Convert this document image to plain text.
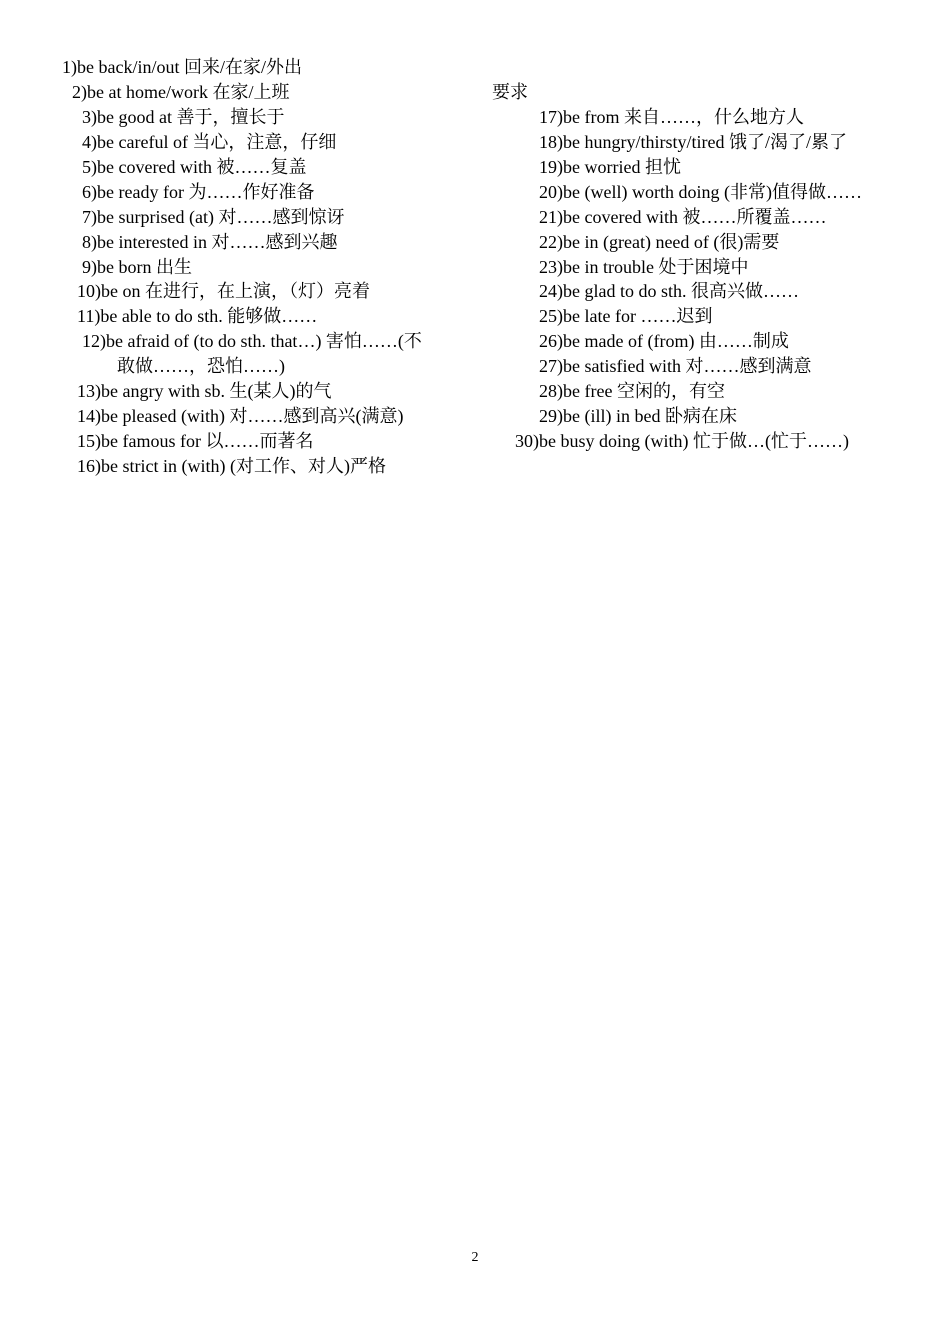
1)be back/in/out 回来/在家/外出
2)be at home/work 在家/上班
3)be good at 善于，擅长于
4)be careful of 当心，注意，仔细
5)be covered with 被……复盖
6)be ready for 为……作好准备
7)be surprised (at) 对……感到惊讶
8)be interested in 对……感到兴趣
9)be born 出生
10)be on 在进行，在上演，（灯）亮着
11)be able to do sth. 能够做……
12)be afraid of (to do sth. that…) 害怕……(不
敢做……，恐怕……)
13)be angry with sb. 生(某人)的气
14)be pleased (with) 对……感到高兴(满意)
15)be famous for 以……而著名
16)be strict in (with) (对工作、对人)严格
要求
17)be from 来自……，什么地方人
18)be hungry/thirsty/tired 饿了/渴了/累了
19)be worried 担忧
20)be (well) worth doing (非常)值得做……
21)be covered with 被……所覆盖……
22)be in (great) need of (很)需要
23)be in trouble 处于困境中
24)be glad to do sth. 很高兴做……
25)be late for ……迟到
26)be made of (from) 由……制成
27)be satisfied with 对……感到满意
28)be free 空闲的，有空
29)be (ill) in bed 卧病在床
30)be busy doing (with) 忙于做…(忙于……)
2
